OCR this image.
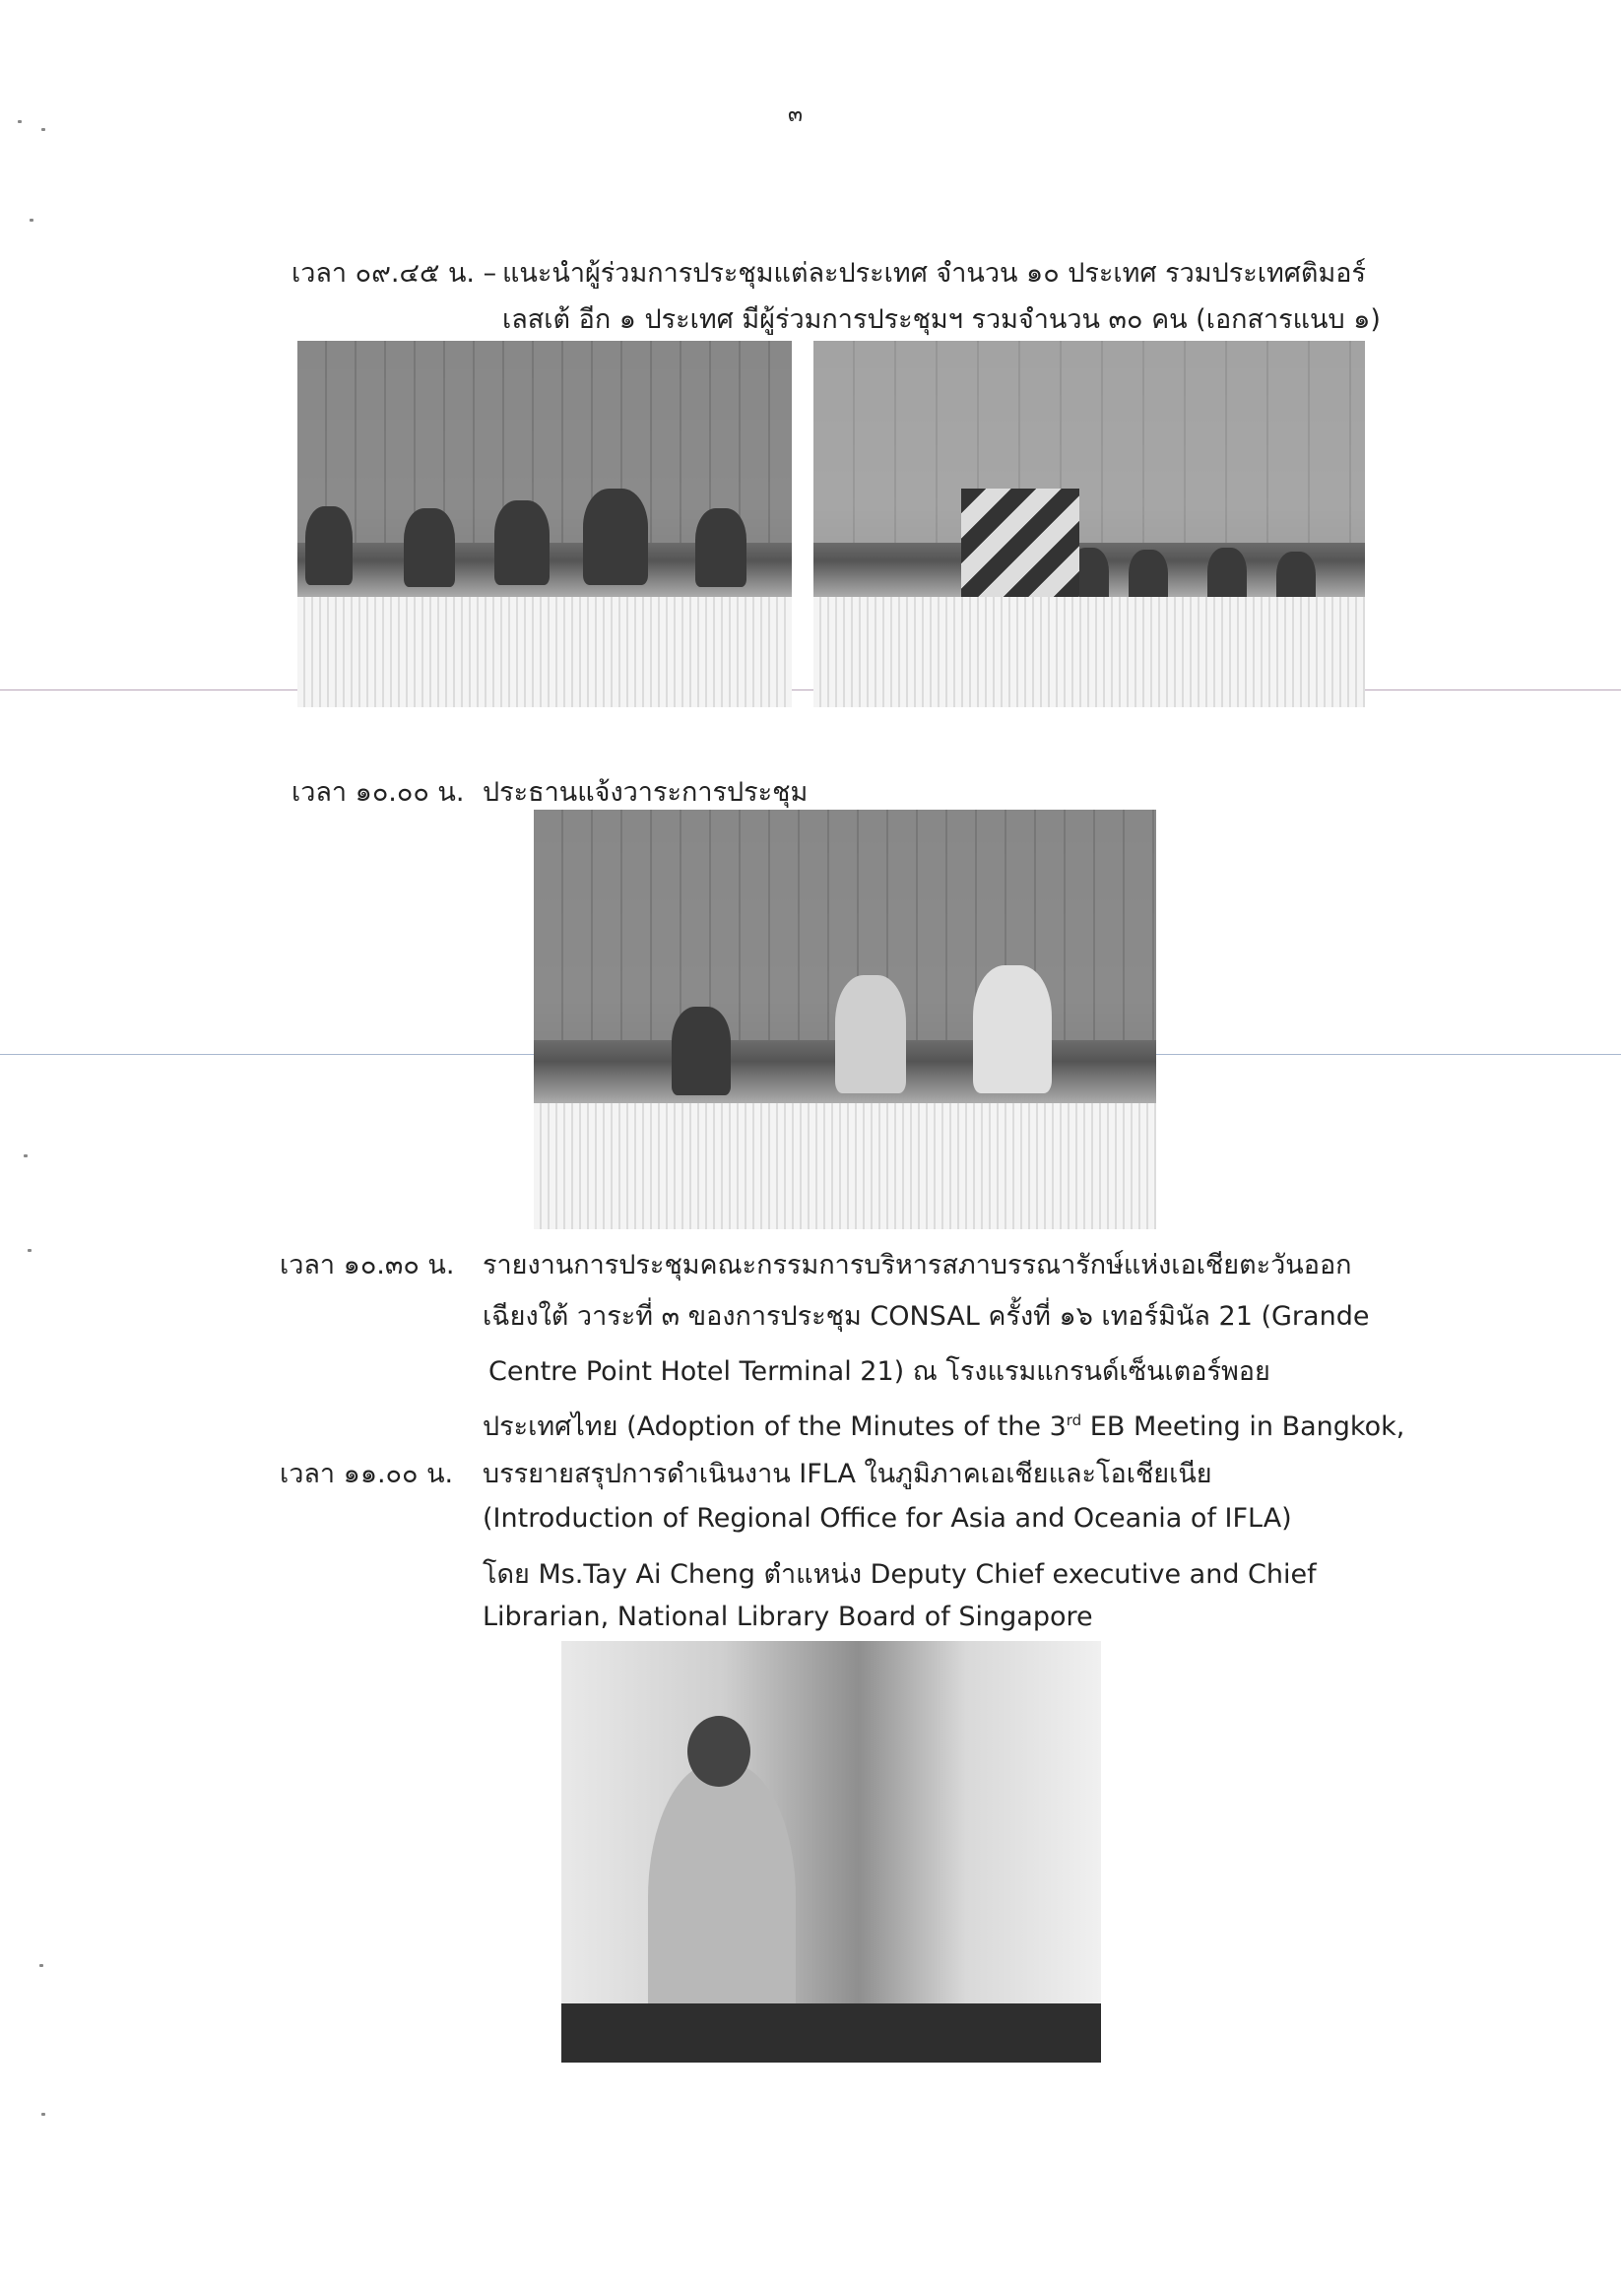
๓
เวลา ๐๙.๔๕ น. – แนะนำผู้ร่วมการประชุมแต่ละประเทศ จำนวน ๑๐ ประเทศ รวมประเทศติมอร์
เลสเต้ อีก ๑ ประเทศ มีผู้ร่วมการประชุมฯ รวมจำนวน ๓๐ คน (เอกสารแนบ ๑)
เวลา ๑๐.๐๐ น. ประธานแจ้งวาระการประชุม
เวลา ๑๐.๓๐ น. รายงานการประชุมคณะกรรมการบริหารสภาบรรณารักษ์แห่งเอเชียตะวันออก
เฉียงใต้ วาระที่ ๓ ของการประชุม CONSAL ครั้งที่ ๑๖ เทอร์มินัล 21 (Grande
Centre Point Hotel Terminal 21) ณ โรงแรมแกรนด์เซ็นเตอร์พอย
ประเทศไทย (Adoption of the Minutes of the 3rd EB Meeting in Bangkok,
เวลา ๑๑.๐๐ น. บรรยายสรุปการดำเนินงาน IFLA ในภูมิภาคเอเชียและโอเชียเนีย
(Introduction of Regional Office for Asia and Oceania of IFLA)
โดย Ms.Tay Ai Cheng ตำแหน่ง Deputy Chief executive and Chief
Librarian, National Library Board of Singapore
